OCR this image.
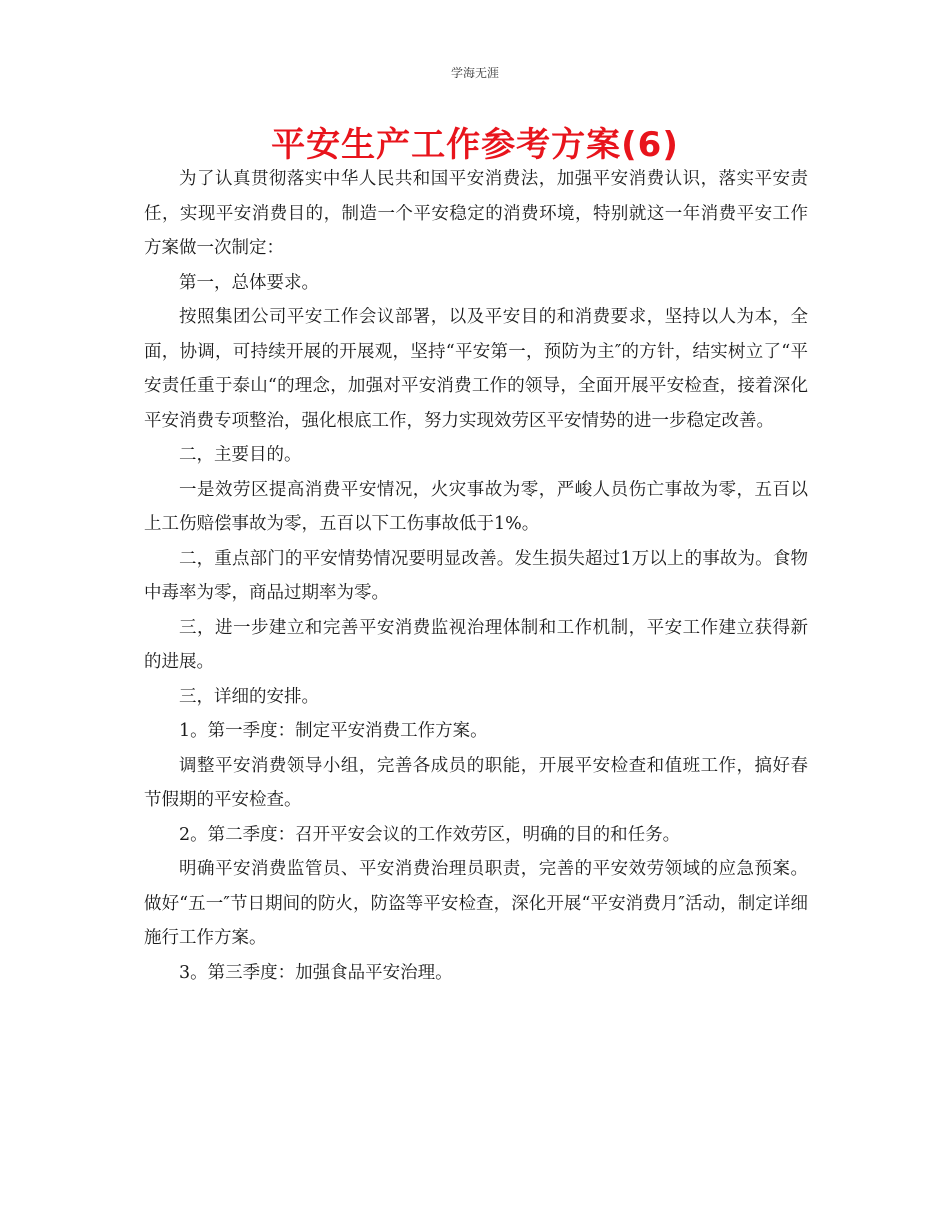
学海无涯
平安生产工作参考方案(6)

为了认真贯彻落实中华人民共和国平安消费法，加强平安消费认识，落实平安责任，实现平安消费目的，制造一个平安稳定的消费环境，特别就这一年消费平安工作方案做一次制定：

第一，总体要求。

按照集团公司平安工作会议部署，以及平安目的和消费要求，坚持以人为本，全面，协调，可持续开展的开展观，坚持“平安第一，预防为主″的方针，结实树立了“平安责任重于泰山“的理念，加强对平安消费工作的领导，全面开展平安检查，接着深化平安消费专项整治，强化根底工作，努力实现效劳区平安情势的进一步稳定改善。

二，主要目的。

一是效劳区提高消费平安情况，火灾事故为零，严峻人员伤亡事故为零，五百以上工伤赔偿事故为零，五百以下工伤事故低于1%。

二，重点部门的平安情势情况要明显改善。发生损失超过1万以上的事故为。食物中毒率为零，商品过期率为零。

三，进一步建立和完善平安消费监视治理体制和工作机制，平安工作建立获得新的进展。

三，详细的安排。

1。第一季度：制定平安消费工作方案。

调整平安消费领导小组，完善各成员的职能，开展平安检查和值班工作，搞好春节假期的平安检查。

2。第二季度：召开平安会议的工作效劳区，明确的目的和任务。

明确平安消费监管员、平安消费治理员职责，完善的平安效劳领域的应急预案。做好“五一″节日期间的防火，防盗等平安检查，深化开展“平安消费月″活动，制定详细施行工作方案。

3。第三季度：加强食品平安治理。
